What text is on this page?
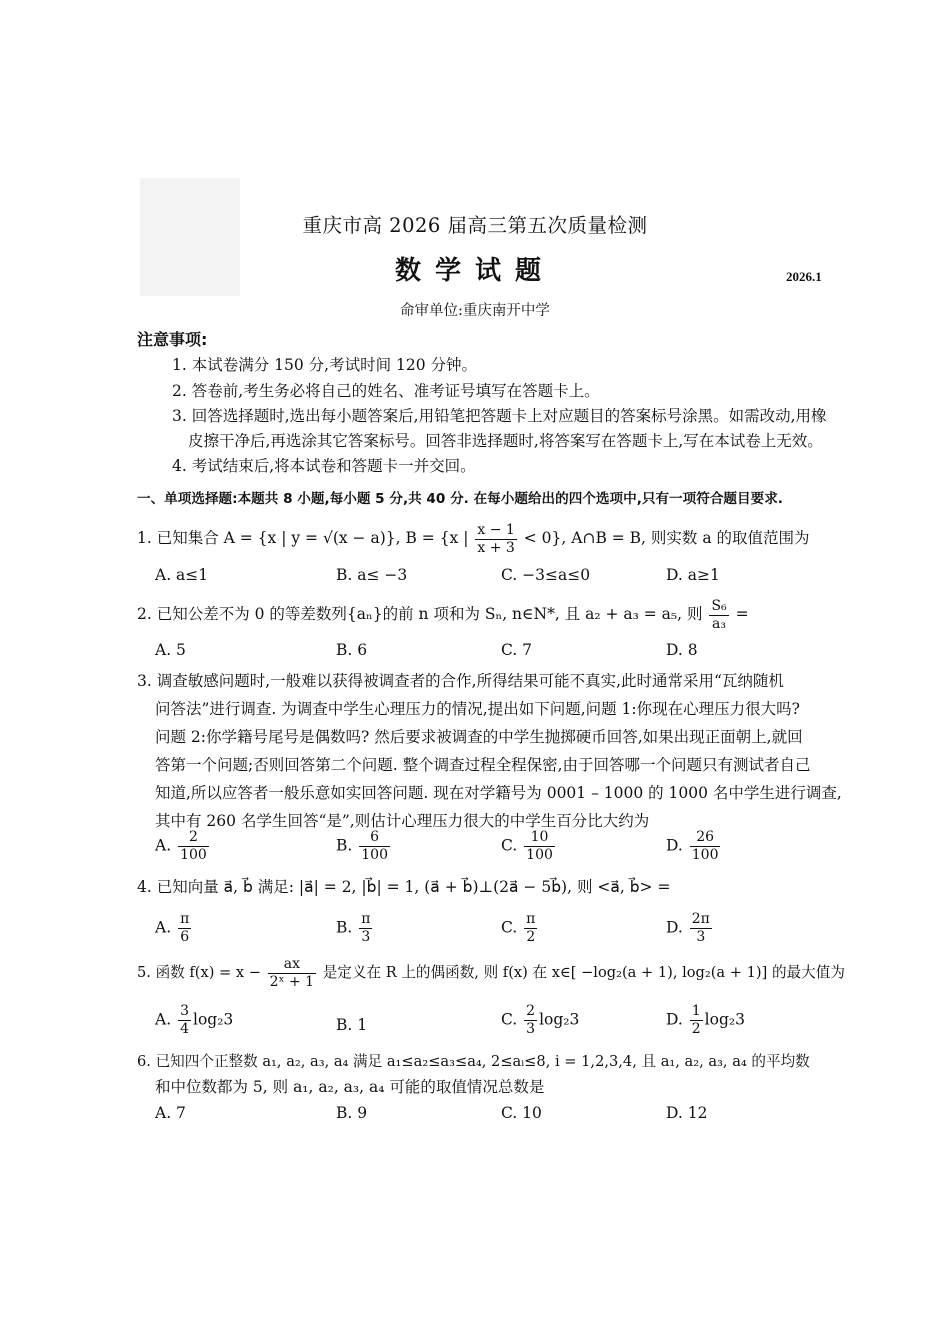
重庆市高 2026 届高三第五次质量检测
数学试题	2026.1
命审单位:重庆南开中学
注意事项:
1. 本试卷满分 150 分,考试时间 120 分钟。
2. 答卷前,考生务必将自己的姓名、准考证号填写在答题卡上。
3. 回答选择题时,选出每小题答案后,用铅笔把答题卡上对应题目的答案标号涂黑。如需改动,用橡
皮擦干净后,再选涂其它答案标号。回答非选择题时,将答案写在答题卡上,写在本试卷上无效。
4. 考试结束后,将本试卷和答题卡一并交回。
一、单项选择题:本题共 8 小题,每小题 5 分,共 40 分. 在每小题给出的四个选项中,只有一项符合题目要求.
1. 已知集合 A = {x | y = √(x − a)}, B = {x | $\frac{x - 1}{x + 3} < 0$}, A∩B = B, 则实数 a 的取值范围为
A. a≤1	B. a≤ −3	C. −3≤a≤0	D. a≥1
2. 已知公差不为 0 的等差数列{aₙ}的前 n 项和为 Sₙ, n∈N*, 且 a₂ + a₃ = a₅, 则 $\frac{\text{S₆}}{\text{a₃}}$ =
A. 5	B. 6	C. 7	D. 8
3. 调查敏感问题时,一般难以获得被调查者的合作,所得结果可能不真实,此时通常采用“瓦纳随机
问答法”进行调查. 为调查中学生心理压力的情况,提出如下问题,问题 1:你现在心理压力很大吗?
问题 2:你学籍号尾号是偶数吗? 然后要求被调查的中学生抛掷硬币回答,如果出现正面朝上,就回
答第一个问题;否则回答第二个问题. 整个调查过程全程保密,由于回答哪一个问题只有测试者自己
知道,所以应答者一般乐意如实回答问题. 现在对学籍号为 0001 – 1000 的 1000 名中学生进行调查,
其中有 260 名学生回答“是”,则估计心理压力很大的中学生百分比大约为
A. $\frac{2}{100}$	B. $\frac{6}{100}$	C. $\frac{10}{100}$	D. $\frac{26}{100}$
4. 已知向量 a⃗, b⃗ 满足: |a⃗| = 2, |b⃗| = 1, (a⃗ + b⃗)⊥(2a⃗ − 5b⃗), 则 <a⃗, b⃗> =
A. $\frac{\pi}{6}$	B. $\frac{\pi}{3}$	C. $\frac{\pi}{2}$	D. $\frac{2\pi}{3}$
5. 函数 $f(x) = x - \frac{ax}{\text{2ˣ + 1}}$ 是定义在 R 上的偶函数, 则 f(x) 在 x∈[ −log₂(a + 1), log₂(a + 1)] 的最大值为
A. $\frac{3}{4} \log_23$	B. 1	C. $\frac{2}{3} \log_23$	D. $\frac{1}{2} \log_23$
6. 已知四个正整数 a₁, a₂, a₃, a₄ 满足 a₁≤a₂≤a₃≤a₄, 2≤aᵢ≤8, i = 1,2,3,4, 且 a₁, a₂, a₃, a₄ 的平均数
和中位数都为 5, 则 a₁, a₂, a₃, a₄ 可能的取值情况总数是
A. 7	B. 9	C. 10	D. 12
